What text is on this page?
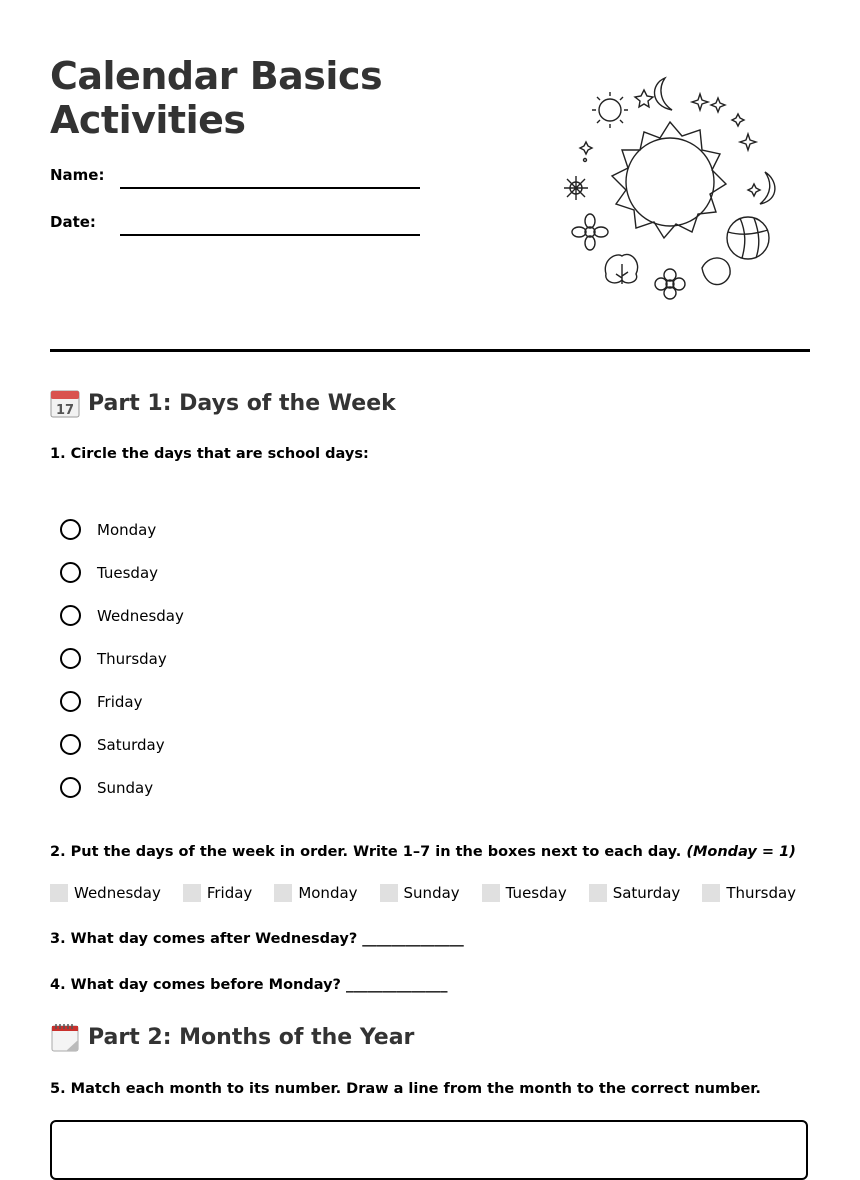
Calendar Basics
Activities
Name:
Date:
17 Part 1: Days of the Week
1. Circle the days that are school days:
Monday
Tuesday
Wednesday
Thursday
Friday
Saturday
Sunday
2. Put the days of the week in order. Write 1–7 in the boxes next to each day. (Monday = 1)
Wednesday	Friday	Monday	Sunday	Tuesday	Saturday	Thursday
3. What day comes after Wednesday? ______________
4. What day comes before Monday? ______________
Part 2: Months of the Year
5. Match each month to its number. Draw a line from the month to the correct number.
